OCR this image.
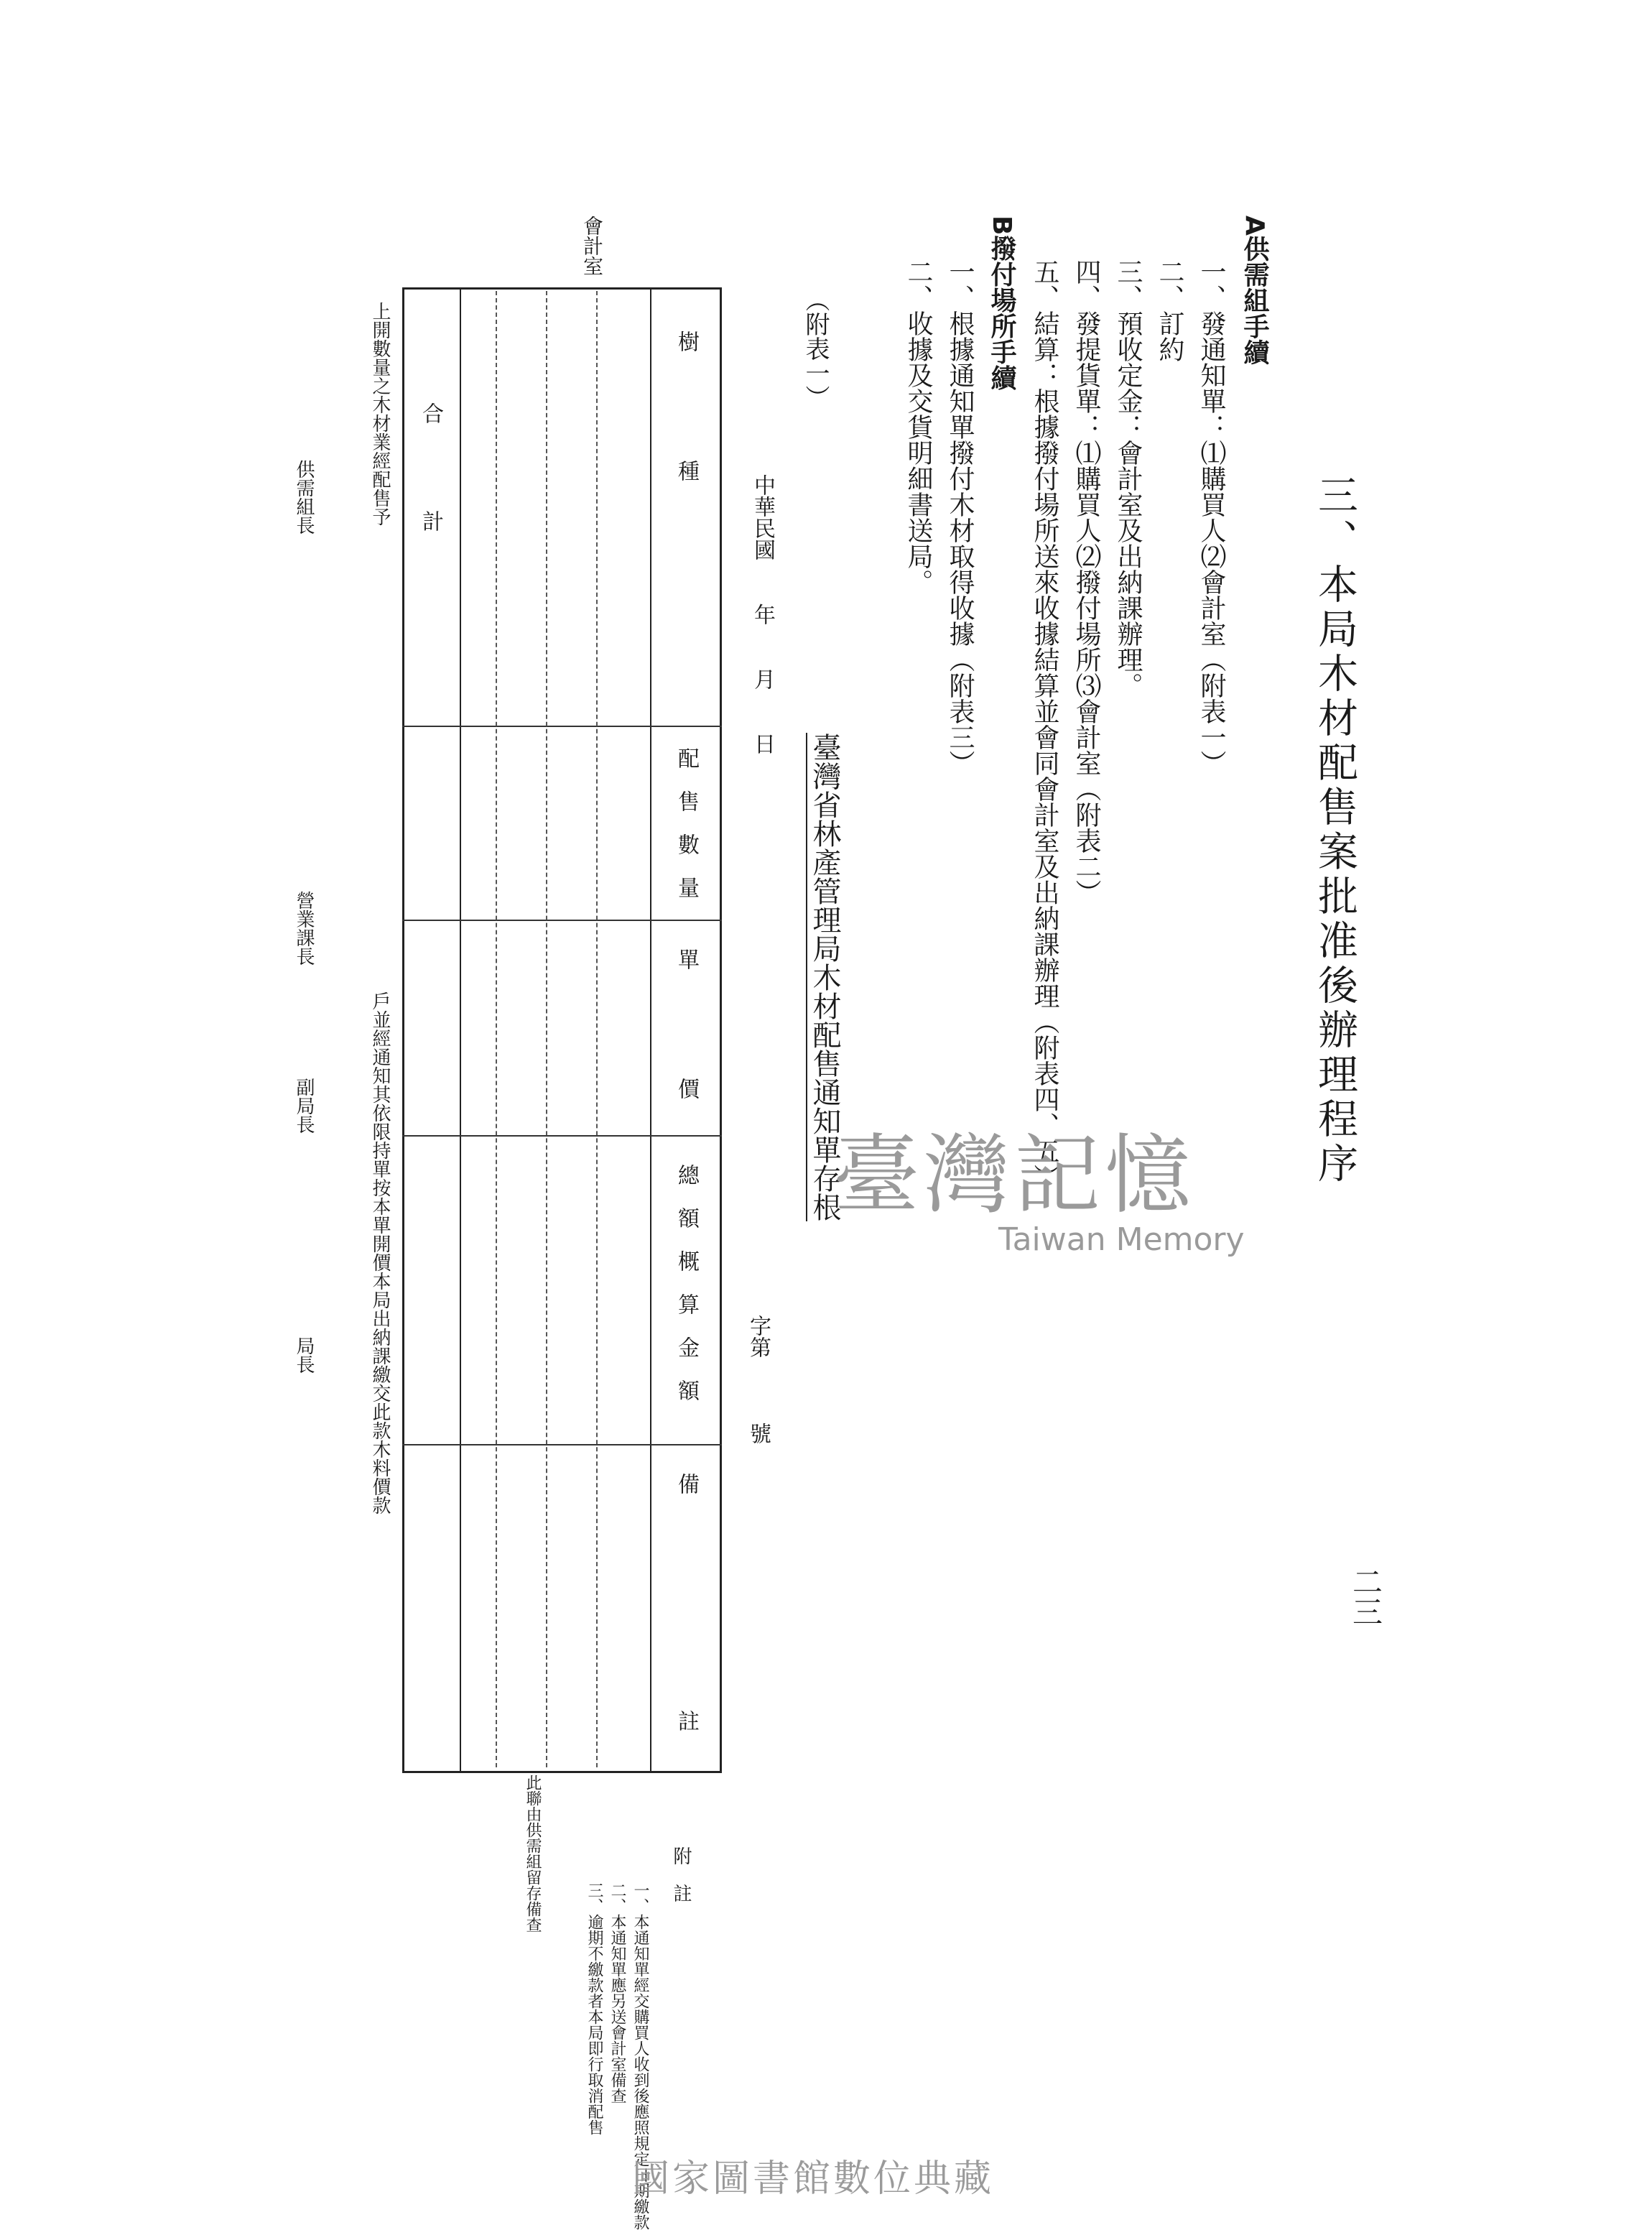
二三
三、本局木材配售案批准後辦理程序
A供需組手續
一、發通知單：⑴購買人⑵會計室（附表一）
二、訂約
三、預收定金：會計室及出納課辦理。
四、發提貨單：⑴購買人⑵撥付場所⑶會計室（附表二）
五、結算：根據撥付場所送來收據結算並會同會計室及出納課辦理（附表四、五）
B撥付場所手續
一、根據通知單撥付木材取得收據（附表三）
二、收據及交貨明細書送局。
（附表一）
臺灣省林產管理局木材配售通知單存根
字第　　　號
中華民國　　年　　月　　日
樹　　　　　種
配　售　數　量
單
價
總　額　概　算　金　額
備
註
合　　　　計
會計室
上開數量之木材業經配售予
戶並經通知其依限持單按本單開價本局出納課繳交此款木料價款
供需組長
營業課長
副局長
局長
附　註
一、本通知單經交購買人收到後應照規定日期繳款
二、本通知單應另送會計室備查
三、逾期不繳款者本局即行取消配售
此聯由供需組留存備查
臺灣記憶
Taiwan Memory
國家圖書館數位典藏
